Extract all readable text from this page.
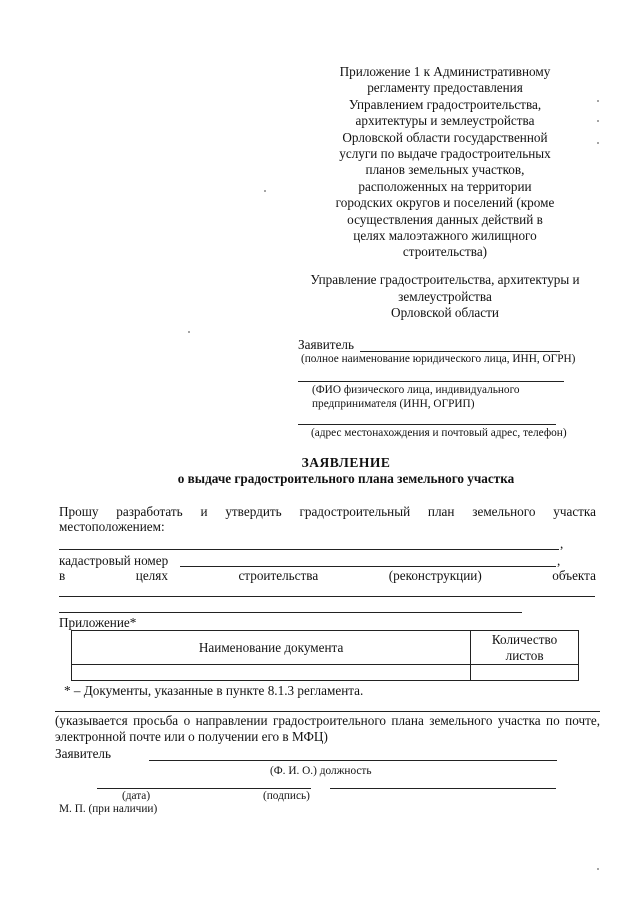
Приложение 1 к Административному
регламенту предоставления
Управлением градостроительства,
архитектуры и землеустройства
Орловской области государственной
услуги по выдаче градостроительных
планов земельных участков,
расположенных на территории
городских округов и поселений (кроме
осуществления данных действий в
целях малоэтажного жилищного
строительства)
Управление градостроительства, архитектуры и
землеустройства
Орловской области
Заявитель
(полное наименование юридического лица, ИНН, ОГРН)
(ФИО физического лица, индивидуального
предпринимателя (ИНН, ОГРИП)
(адрес местонахождения и почтовый адрес, телефон)
ЗАЯВЛЕНИЕ
о выдаче градостроительного плана земельного участка
Прошу разработать и утвердить градостроительный план земельного участка
местоположением:
,
кадастровый номер	,
в	целях	строительства	(реконструкции)	объекта
Приложение*
Наименование документа	Количество
листов

* – Документы, указанные в пункте 8.1.3 регламента.
(указывается просьба о направлении градостроительного плана земельного участка по почте, электронной почте или о получении его в МФЦ)
Заявитель
(Ф. И. О.) должность
(дата)	(подпись)
М. П. (при наличии)
